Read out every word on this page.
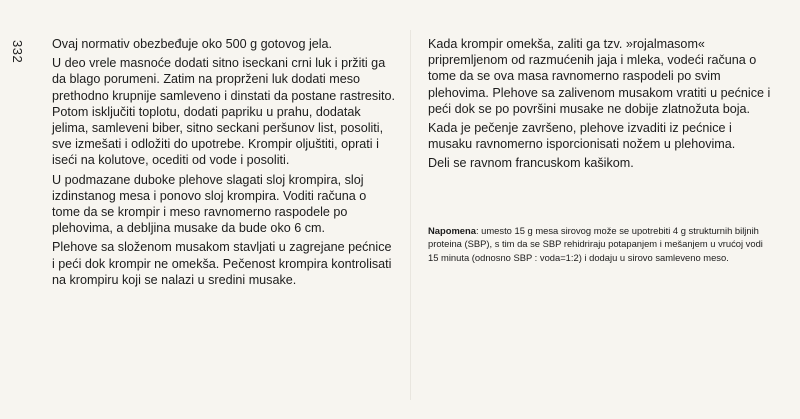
332 Ovaj normativ obezbeđuje oko 500 g gotovog jela.

U deo vrele masnoće dodati sitno iseckani crni luk i pržiti ga da blago porumeni. Zatim na proprženi luk dodati meso prethodno krupnije samleveno i dinstati da postane rastresito. Potom isključiti toplotu, dodati papriku u prahu, dodatak jelima, samleveni biber, sitno seckani peršunov list, posoliti, sve izmešati i odložiti do upotrebe. Krompir oljuštiti, oprati i iseći na kolutove, ocediti od vode i posoliti.

U podmazane duboke plehove slagati sloj krompira, sloj izdinstanog mesa i ponovo sloj krompira. Voditi računa o tome da se krompir i meso ravnomerno raspodele po plehovima, a debljina musake da bude oko 6 cm.

Plehove sa složenom musakom stavljati u zagrejane pećnice i peći dok krompir ne omekša. Pečenost krompira kontrolisati na krompiru koji se nalazi u sredini musake.

Kada krompir omekša, zaliti ga tzv. »rojalmasom« pripremljenom od razmućenih jaja i mleka, vodeći računa o tome da se ova masa ravnomerno raspodeli po svim plehovima. Plehove sa zalivenom musakom vratiti u pećnice i peći dok se po površini musake ne dobije zlatnožuta boja.

Kada je pečenje završeno, plehove izvaditi iz pećnice i musaku ravnomerno isporcionisati nožem u plehovima.

Deli se ravnom francuskom kašikom.

Napomena: umesto 15 g mesa sirovog može se upotrebiti 4 g strukturnih biljnih proteina (SBP), s tim da se SBP rehidriraju potapanjem i mešanjem u vrućoj vodi 15 minuta (odnosno SBP : voda=1:2) i dodaju u sirovo samleveno meso.
